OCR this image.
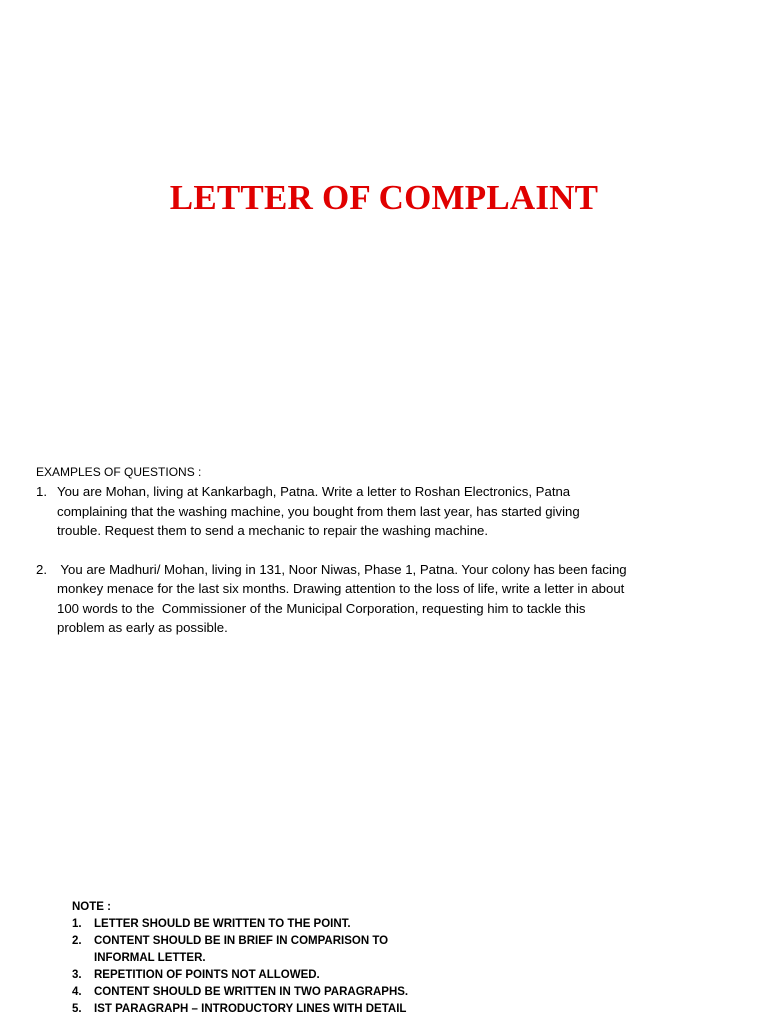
LETTER OF COMPLAINT
EXAMPLES OF QUESTIONS :
1. You are Mohan, living at Kankarbagh, Patna. Write a letter to Roshan Electronics, Patna
complaining that the washing machine, you bought from them last year, has started giving
trouble. Request them to send a mechanic to repair the washing machine.
2. You are Madhuri/ Mohan, living in 131, Noor Niwas, Phase 1, Patna. Your colony has been facing
monkey menace for the last six months. Drawing attention to the loss of life, write a letter in about
100 words to the  Commissioner of the Municipal Corporation, requesting him to tackle this
problem as early as possible.
NOTE :
1. LETTER SHOULD BE WRITTEN TO THE POINT.
2. CONTENT SHOULD BE IN BRIEF IN COMPARISON TO
INFORMAL LETTER.
3. REPETITION OF POINTS NOT ALLOWED.
4. CONTENT SHOULD BE WRITTEN IN TWO PARAGRAPHS.
5. IST PARAGRAPH – INTRODUCTORY LINES WITH DETAIL
